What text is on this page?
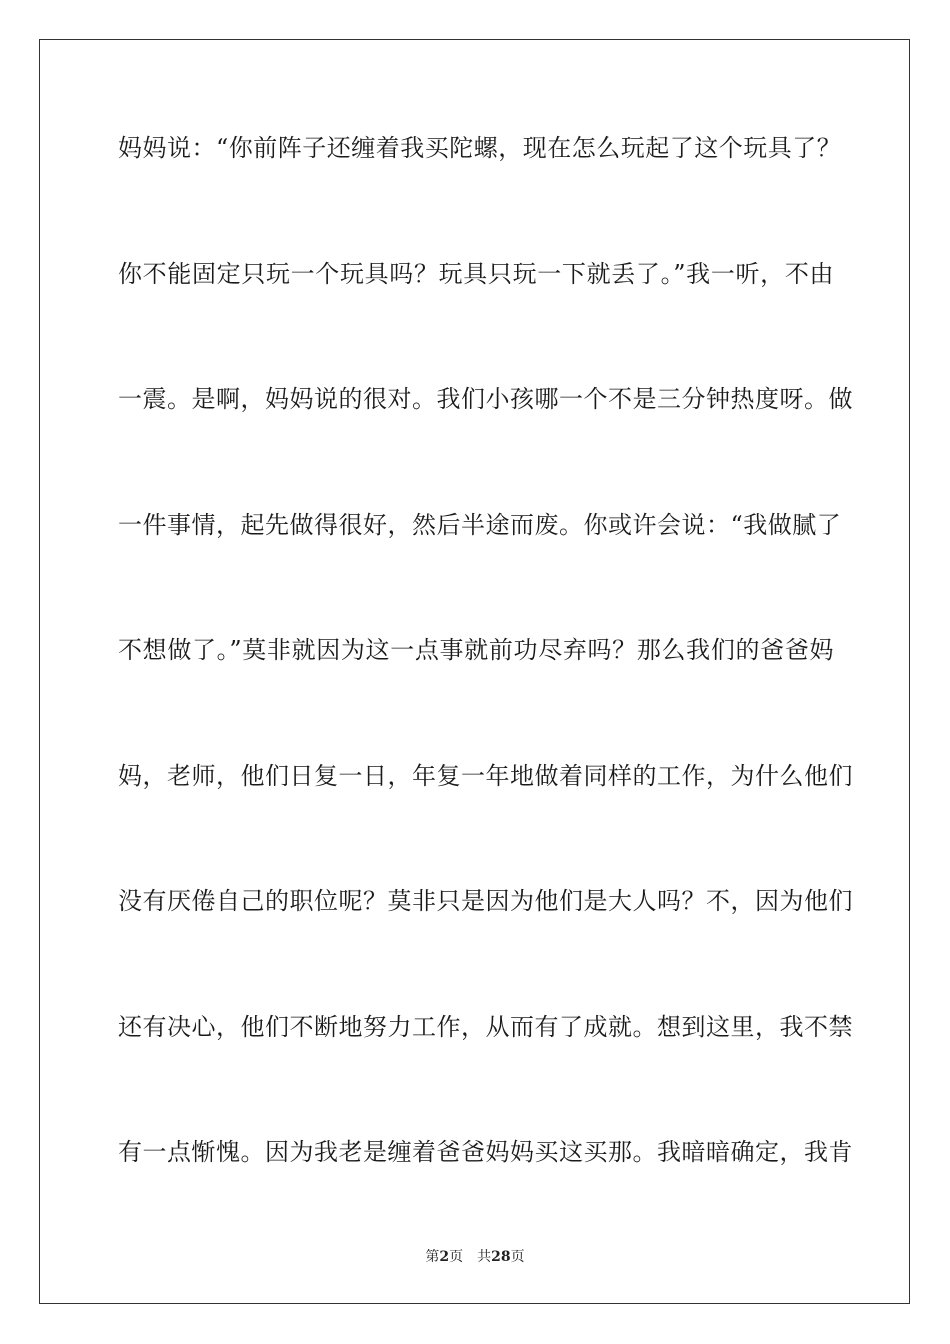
妈妈说：“你前阵子还缠着我买陀螺，现在怎么玩起了这个玩具了？
你不能固定只玩一个玩具吗？玩具只玩一下就丢了。”我一听，不由
一震。是啊，妈妈说的很对。我们小孩哪一个不是三分钟热度呀。做
一件事情，起先做得很好，然后半途而废。你或许会说：“我做腻了
不想做了。”莫非就因为这一点事就前功尽弃吗？那么我们的爸爸妈
妈，老师，他们日复一日，年复一年地做着同样的工作，为什么他们
没有厌倦自己的职位呢？莫非只是因为他们是大人吗？不，因为他们
还有决心，他们不断地努力工作，从而有了成就。想到这里，我不禁
有一点惭愧。因为我老是缠着爸爸妈妈买这买那。我暗暗确定，我肯
第2页 共28页
